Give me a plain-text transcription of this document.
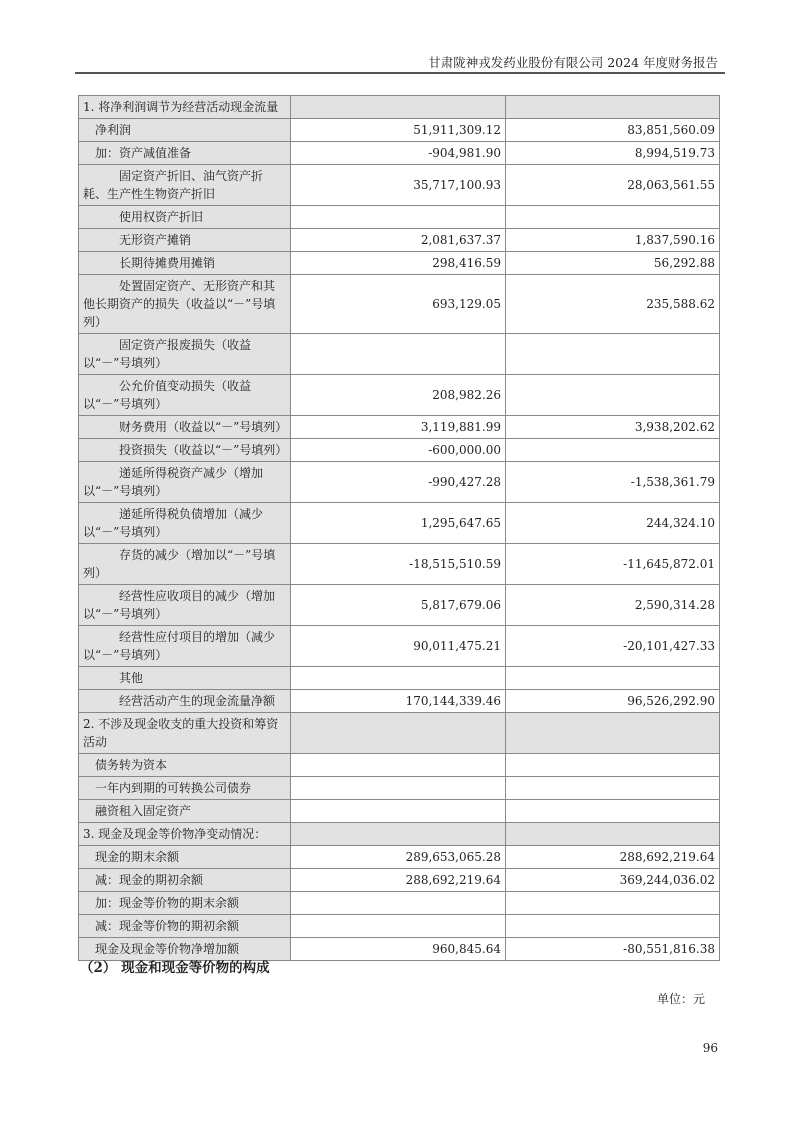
甘肃陇神戎发药业股份有限公司 2024 年度财务报告
1. 将净利润调节为经营活动现金流量		
净利润	51,911,309.12	83,851,560.09
加：资产减值准备	-904,981.90	8,994,519.73
固定资产折旧、油气资产折耗、生产性生物资产折旧	35,717,100.93	28,063,561.55
使用权资产折旧		
无形资产摊销	2,081,637.37	1,837,590.16
长期待摊费用摊销	298,416.59	56,292.88
处置固定资产、无形资产和其他长期资产的损失（收益以“－”号填列）	693,129.05	235,588.62
固定资产报废损失（收益以“－”号填列）		
公允价值变动损失（收益以“－”号填列）	208,982.26	
财务费用（收益以“－”号填列）	3,119,881.99	3,938,202.62
投资损失（收益以“－”号填列）	-600,000.00	
递延所得税资产减少（增加以“－”号填列）	-990,427.28	-1,538,361.79
递延所得税负债增加（减少以“－”号填列）	1,295,647.65	244,324.10
存货的减少（增加以“－”号填列）	-18,515,510.59	-11,645,872.01
经营性应收项目的减少（增加以“－”号填列）	5,817,679.06	2,590,314.28
经营性应付项目的增加（减少以“－”号填列）	90,011,475.21	-20,101,427.33
其他		
经营活动产生的现金流量净额	170,144,339.46	96,526,292.90
2. 不涉及现金收支的重大投资和筹资活动		
债务转为资本		
一年内到期的可转换公司债券		
融资租入固定资产		
3. 现金及现金等价物净变动情况：		
现金的期末余额	289,653,065.28	288,692,219.64
减：现金的期初余额	288,692,219.64	369,244,036.02
加：现金等价物的期末余额		
减：现金等价物的期初余额		
现金及现金等价物净增加额	960,845.64	-80,551,816.38
（2） 现金和现金等价物的构成
单位：元
96
